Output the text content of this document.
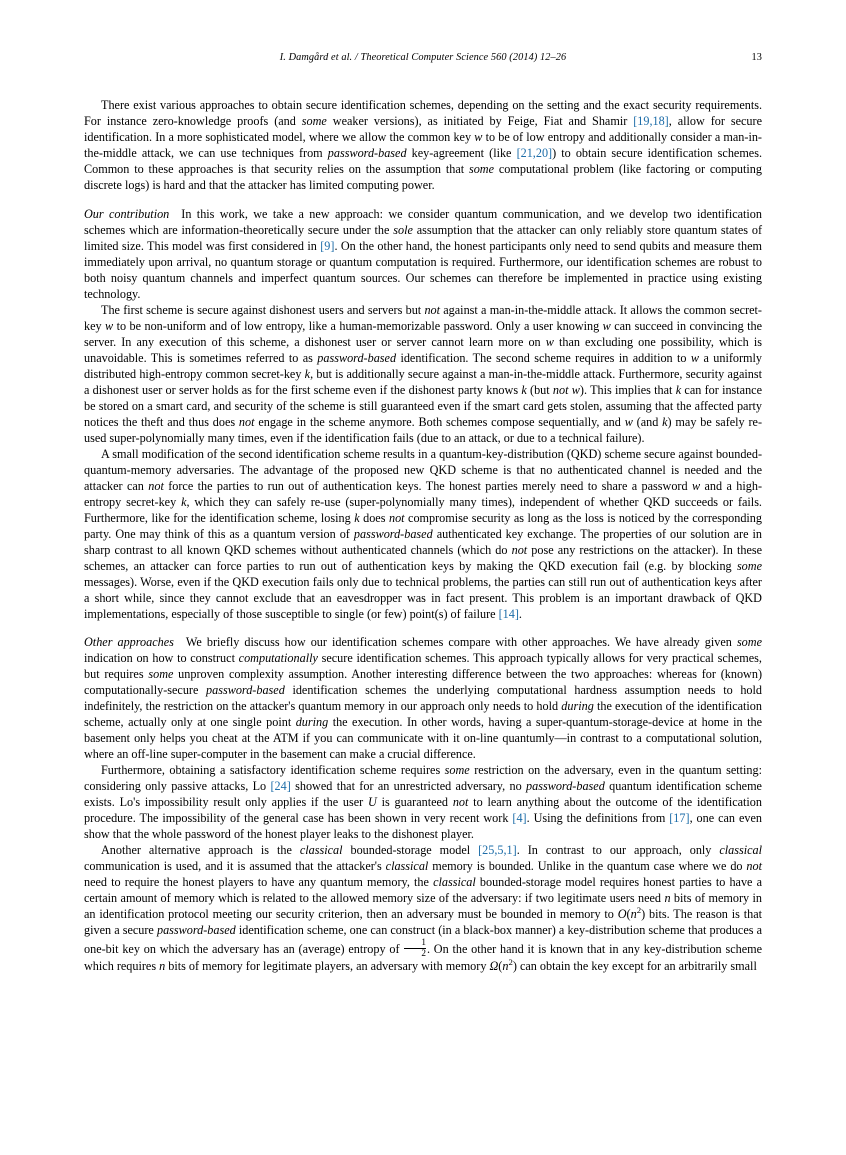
I. Damgård et al. / Theoretical Computer Science 560 (2014) 12–26	13

There exist various approaches to obtain secure identification schemes, depending on the setting and the exact security requirements. For instance zero-knowledge proofs (and some weaker versions), as initiated by Feige, Fiat and Shamir [19,18], allow for secure identification. In a more sophisticated model, where we allow the common key w to be of low entropy and additionally consider a man-in-the-middle attack, we can use techniques from password-based key-agreement (like [21,20]) to obtain secure identification schemes. Common to these approaches is that security relies on the assumption that some computational problem (like factoring or computing discrete logs) is hard and that the attacker has limited computing power.

Our contribution In this work, we take a new approach: we consider quantum communication, and we develop two identification schemes which are information-theoretically secure under the sole assumption that the attacker can only reliably store quantum states of limited size. This model was first considered in [9]. On the other hand, the honest participants only need to send qubits and measure them immediately upon arrival, no quantum storage or quantum computation is required. Furthermore, our identification schemes are robust to both noisy quantum channels and imperfect quantum sources. Our schemes can therefore be implemented in practice using existing technology.

The first scheme is secure against dishonest users and servers but not against a man-in-the-middle attack. It allows the common secret-key w to be non-uniform and of low entropy, like a human-memorizable password. Only a user knowing w can succeed in convincing the server. In any execution of this scheme, a dishonest user or server cannot learn more on w than excluding one possibility, which is unavoidable. This is sometimes referred to as password-based identification. The second scheme requires in addition to w a uniformly distributed high-entropy common secret-key k, but is additionally secure against a man-in-the-middle attack. Furthermore, security against a dishonest user or server holds as for the first scheme even if the dishonest party knows k (but not w). This implies that k can for instance be stored on a smart card, and security of the scheme is still guaranteed even if the smart card gets stolen, assuming that the affected party notices the theft and thus does not engage in the scheme anymore. Both schemes compose sequentially, and w (and k) may be safely re-used super-polynomially many times, even if the identification fails (due to an attack, or due to a technical failure).

A small modification of the second identification scheme results in a quantum-key-distribution (QKD) scheme secure against bounded-quantum-memory adversaries. The advantage of the proposed new QKD scheme is that no authenticated channel is needed and the attacker can not force the parties to run out of authentication keys. The honest parties merely need to share a password w and a high-entropy secret-key k, which they can safely re-use (super-polynomially many times), independent of whether QKD succeeds or fails. Furthermore, like for the identification scheme, losing k does not compromise security as long as the loss is noticed by the corresponding party. One may think of this as a quantum version of password-based authenticated key exchange. The properties of our solution are in sharp contrast to all known QKD schemes without authenticated channels (which do not pose any restrictions on the attacker). In these schemes, an attacker can force parties to run out of authentication keys by making the QKD execution fail (e.g. by blocking some messages). Worse, even if the QKD execution fails only due to technical problems, the parties can still run out of authentication keys after a short while, since they cannot exclude that an eavesdropper was in fact present. This problem is an important drawback of QKD implementations, especially of those susceptible to single (or few) point(s) of failure [14].

Other approaches We briefly discuss how our identification schemes compare with other approaches. We have already given some indication on how to construct computationally secure identification schemes. This approach typically allows for very practical schemes, but requires some unproven complexity assumption. Another interesting difference between the two approaches: whereas for (known) computationally-secure password-based identification schemes the underlying computational hardness assumption needs to hold indefinitely, the restriction on the attacker's quantum memory in our approach only needs to hold during the execution of the identification scheme, actually only at one single point during the execution. In other words, having a super-quantum-storage-device at home in the basement only helps you cheat at the ATM if you can communicate with it on-line quantumly—in contrast to a computational solution, where an off-line super-computer in the basement can make a crucial difference.

Furthermore, obtaining a satisfactory identification scheme requires some restriction on the adversary, even in the quantum setting: considering only passive attacks, Lo [24] showed that for an unrestricted adversary, no password-based quantum identification scheme exists. Lo's impossibility result only applies if the user U is guaranteed not to learn anything about the outcome of the identification procedure. The impossibility of the general case has been shown in very recent work [4]. Using the definitions from [17], one can even show that the whole password of the honest player leaks to the dishonest player.

Another alternative approach is the classical bounded-storage model [25,5,1]. In contrast to our approach, only classical communication is used, and it is assumed that the attacker's classical memory is bounded. Unlike in the quantum case where we do not need to require the honest players to have any quantum memory, the classical bounded-storage model requires honest parties to have a certain amount of memory which is related to the allowed memory size of the adversary: if two legitimate users need n bits of memory in an identification protocol meeting our security criterion, then an adversary must be bounded in memory to $O(n^2)$ bits. The reason is that given a secure password-based identification scheme, one can construct (in a black-box manner) a key-distribution scheme that produces a one-bit key on which the adversary has an (average) entropy of $\frac{1}{2}$ . On the other hand it is known that in any key-distribution scheme which requires n bits of memory for legitimate players, an adversary with memory $\Omega(n^2)$ can obtain the key except for an arbitrarily small
